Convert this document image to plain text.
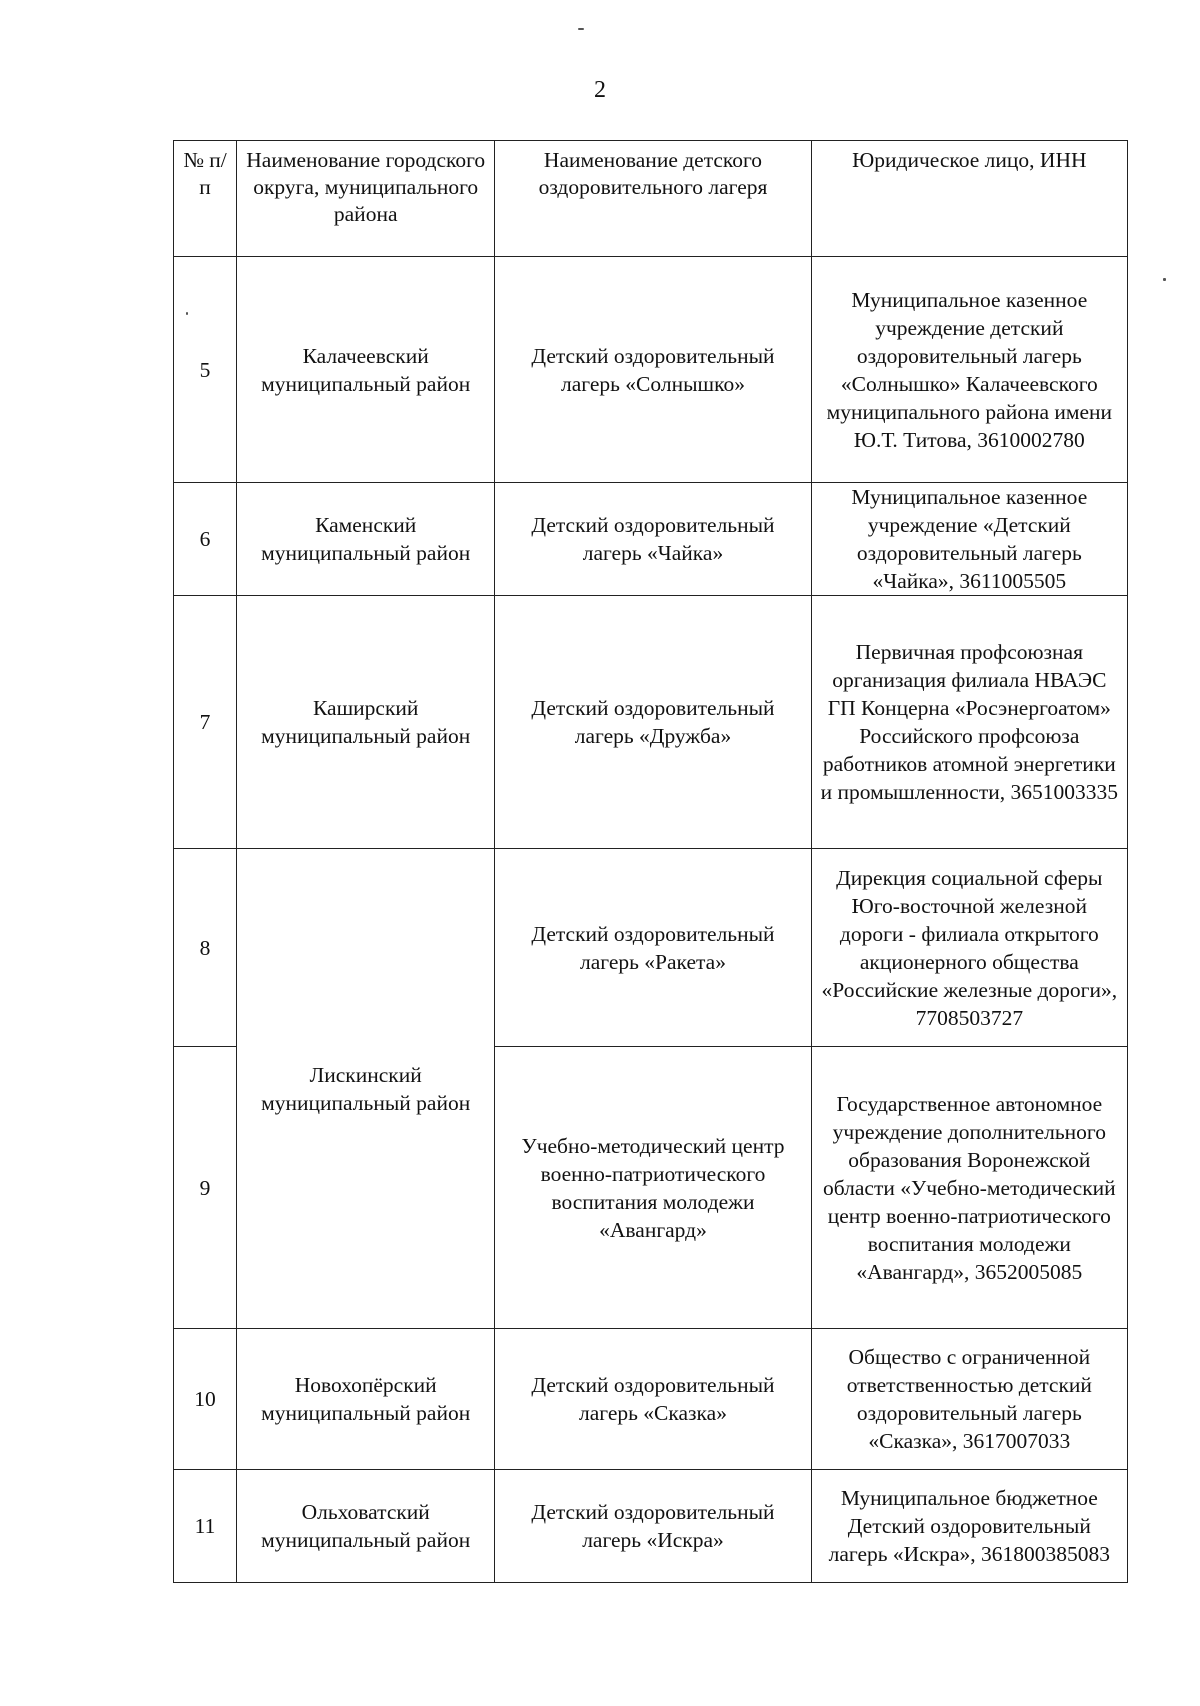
2
№ п/п	Наименование городского округа, муниципального района	Наименование детского оздоровительного лагеря	Юридическое лицо, ИНН

5	Калачеевский муниципальный район	Детский оздоровительный лагерь «Солнышко»	Муниципальное казенное учреждение детский оздоровительный лагерь «Солнышко» Калачеевского муниципального района имени Ю.Т. Титова, 3610002780
6	Каменский муниципальный район	Детский оздоровительный лагерь «Чайка»	Муниципальное казенное учреждение «Детский оздоровительный лагерь «Чайка», 3611005505
7	Каширский муниципальный район	Детский оздоровительный лагерь «Дружба»	Первичная профсоюзная организация филиала НВАЭС ГП Концерна «Росэнергоатом» Российского профсоюза работников атомной энергетики и промышленности, 3651003335
8	Лискинский муниципальный район	Детский оздоровительный лагерь «Ракета»	Дирекция социальной сферы Юго-восточной железной дороги - филиала открытого акционерного общества «Российские железные дороги», 7708503727
9		Учебно-методический центр военно-патриотического воспитания молодежи «Авангард»	Государственное автономное учреждение дополнительного образования Воронежской области «Учебно-методический центр военно-патриотического воспитания молодежи «Авангард», 3652005085
10	Новохопёрский муниципальный район	Детский оздоровительный лагерь «Сказка»	Общество с ограниченной ответственностью детский оздоровительный лагерь «Сказка», 3617007033
11	Ольховатский муниципальный район	Детский оздоровительный лагерь «Искра»	Муниципальное бюджетное Детский оздоровительный лагерь «Искра», 361800385083
